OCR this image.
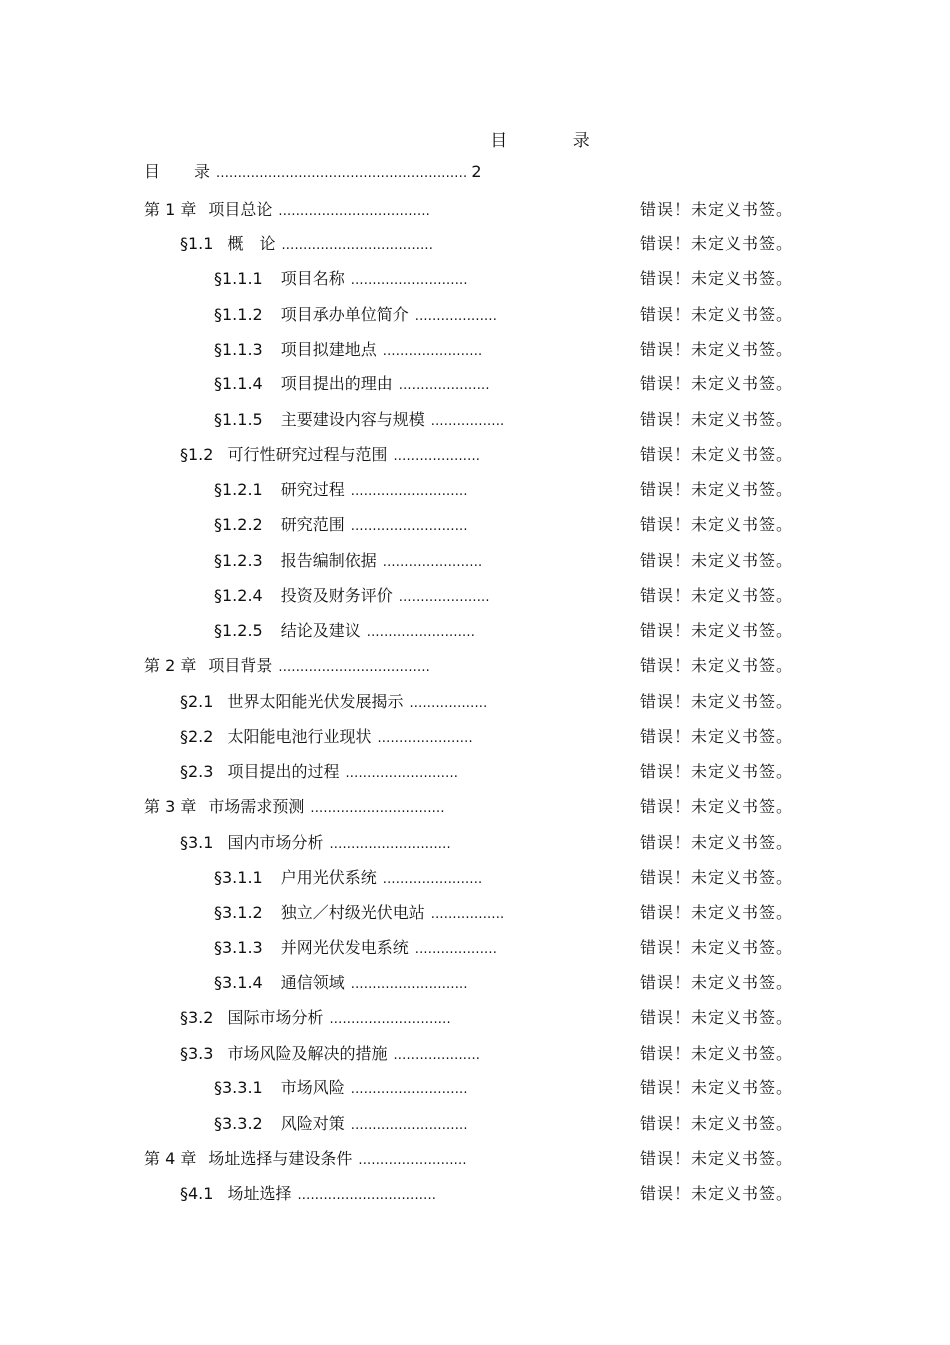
目 录
目 录 .......................................................... 2
第 1 章 项目总论 ...................................	错误！未定义书签。
§1.1 概　论 ...................................	错误！未定义书签。
§1.1.1 项目名称 ...........................	错误！未定义书签。
§1.1.2 项目承办单位简介 ...................	错误！未定义书签。
§1.1.3 项目拟建地点 .......................	错误！未定义书签。
§1.1.4 项目提出的理由 .....................	错误！未定义书签。
§1.1.5 主要建设内容与规模 .................	错误！未定义书签。
§1.2 可行性研究过程与范围 ....................	错误！未定义书签。
§1.2.1 研究过程 ...........................	错误！未定义书签。
§1.2.2 研究范围 ...........................	错误！未定义书签。
§1.2.3 报告编制依据 .......................	错误！未定义书签。
§1.2.4 投资及财务评价 .....................	错误！未定义书签。
§1.2.5 结论及建议 .........................	错误！未定义书签。
第 2 章 项目背景 ...................................	错误！未定义书签。
§2.1 世界太阳能光伏发展揭示 ..................	错误！未定义书签。
§2.2 太阳能电池行业现状 ......................	错误！未定义书签。
§2.3 项目提出的过程 ..........................	错误！未定义书签。
第 3 章 市场需求预测 ...............................	错误！未定义书签。
§3.1 国内市场分析 ............................	错误！未定义书签。
§3.1.1 户用光伏系统 .......................	错误！未定义书签。
§3.1.2 独立／村级光伏电站 .................	错误！未定义书签。
§3.1.3 并网光伏发电系统 ...................	错误！未定义书签。
§3.1.4 通信领域 ...........................	错误！未定义书签。
§3.2 国际市场分析 ............................	错误！未定义书签。
§3.3 市场风险及解决的措施 ....................	错误！未定义书签。
§3.3.1 市场风险 ...........................	错误！未定义书签。
§3.3.2 风险对策 ...........................	错误！未定义书签。
第 4 章 场址选择与建设条件 .........................	错误！未定义书签。
§4.1 场址选择 ................................	错误！未定义书签。
